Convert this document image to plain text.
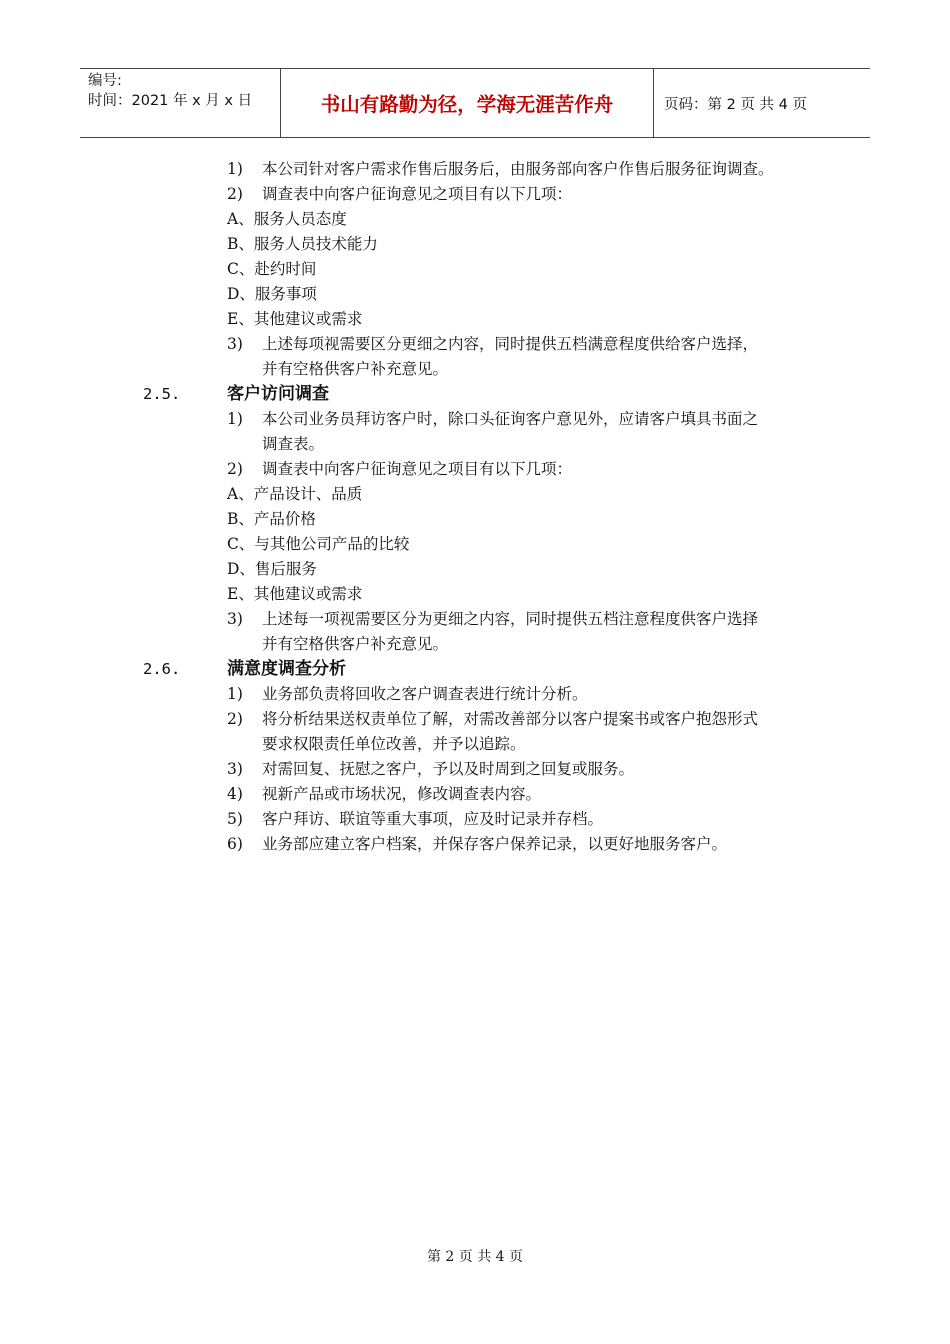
编号:
时间：2021 年 x 月 x 日	书山有路勤为径，学海无涯苦作舟	页码：第 2 页 共 4 页
1) 本公司针对客户需求作售后服务后，由服务部向客户作售后服务征询调查。
2) 调查表中向客户征询意见之项目有以下几项：
A、服务人员态度
B、服务人员技术能力
C、赴约时间
D、服务事项
E、其他建议或需求
3) 上述每项视需要区分更细之内容，同时提供五档满意程度供给客户选择，
并有空格供客户补充意见。
2.5.	客户访问调查
1) 本公司业务员拜访客户时，除口头征询客户意见外，应请客户填具书面之
调查表。
2) 调查表中向客户征询意见之项目有以下几项：
A、产品设计、品质
B、产品价格
C、与其他公司产品的比较
D、售后服务
E、其他建议或需求
3) 上述每一项视需要区分为更细之内容，同时提供五档注意程度供客户选择
并有空格供客户补充意见。
2.6.	满意度调查分析
1) 业务部负责将回收之客户调查表进行统计分析。
2) 将分析结果送权责单位了解，对需改善部分以客户提案书或客户抱怨形式
要求权限责任单位改善，并予以追踪。
3) 对需回复、抚慰之客户，予以及时周到之回复或服务。
4) 视新产品或市场状况，修改调查表内容。
5) 客户拜访、联谊等重大事项，应及时记录并存档。
6) 业务部应建立客户档案，并保存客户保养记录，以更好地服务客户。
第 2 页 共 4 页
